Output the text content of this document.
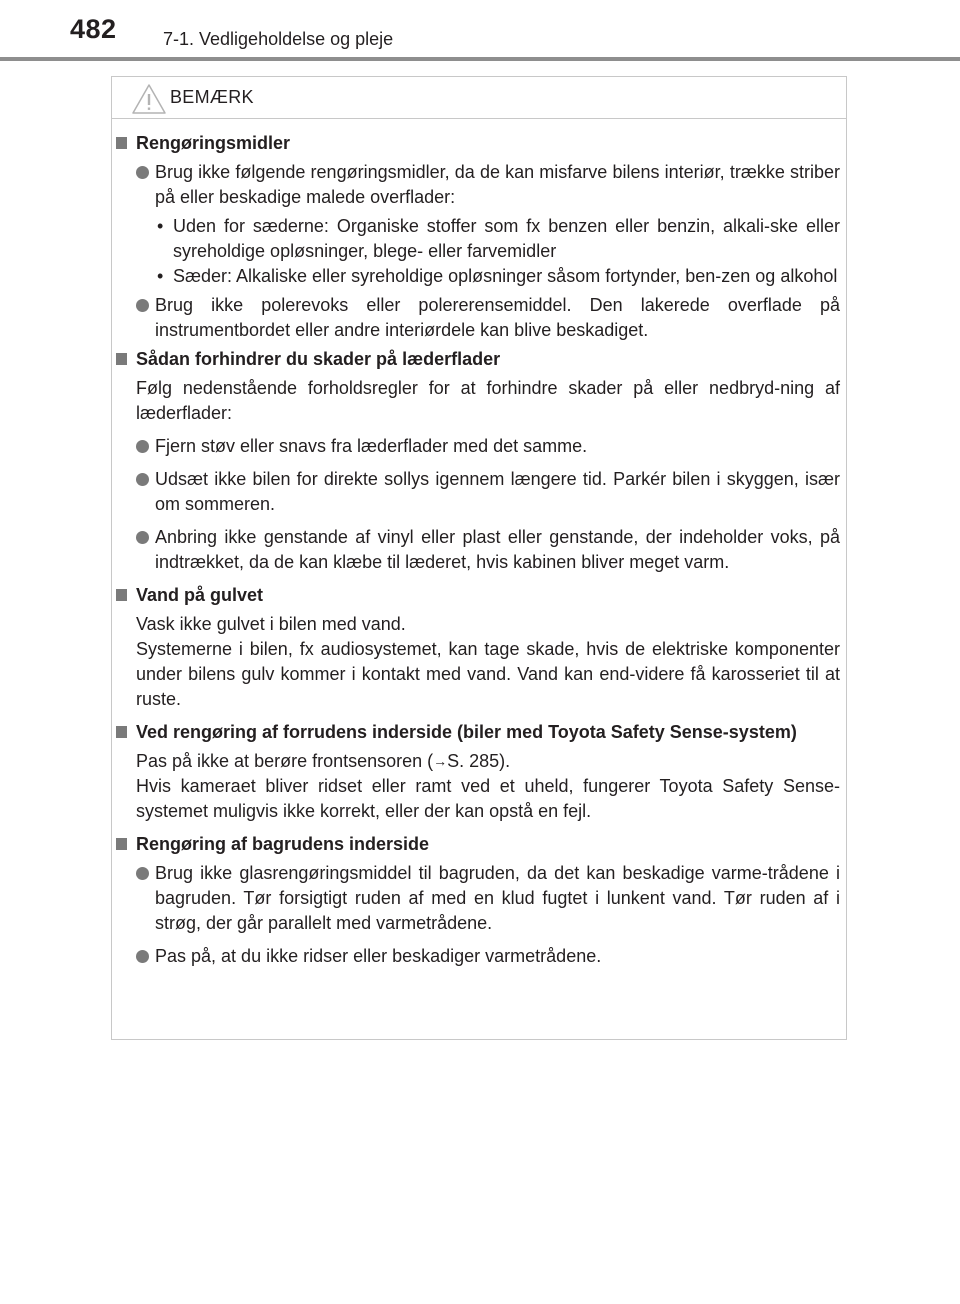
482	7-1. Vedligeholdelse og pleje
BEMÆRK

Rengøringsmidler

Brug ikke følgende rengøringsmidler, da de kan misfarve bilens interiør, trække striber på eller beskadige malede overflader:

• Uden for sæderne: Organiske stoffer som fx benzen eller benzin, alkali-ske eller syreholdige opløsninger, blege- eller farvemidler

• Sæder: Alkaliske eller syreholdige opløsninger såsom fortynder, ben-zen og alkohol

Brug ikke polerevoks eller polererensemiddel. Den lakerede overflade på instrumentbordet eller andre interiørdele kan blive beskadiget.

Sådan forhindrer du skader på læderflader

Følg nedenstående forholdsregler for at forhindre skader på eller nedbryd-ning af læderflader:

Fjern støv eller snavs fra læderflader med det samme.

Udsæt ikke bilen for direkte sollys igennem længere tid. Parkér bilen i skyggen, især om sommeren.

Anbring ikke genstande af vinyl eller plast eller genstande, der indeholder voks, på indtrækket, da de kan klæbe til læderet, hvis kabinen bliver meget varm.

Vand på gulvet

Vask ikke gulvet i bilen med vand.

Systemerne i bilen, fx audiosystemet, kan tage skade, hvis de elektriske komponenter under bilens gulv kommer i kontakt med vand. Vand kan end-videre få karosseriet til at ruste.

Ved rengøring af forrudens inderside (biler med Toyota Safety Sense-system)

Pas på ikke at berøre frontsensoren (→S. 285).

Hvis kameraet bliver ridset eller ramt ved et uheld, fungerer Toyota Safety Sense-systemet muligvis ikke korrekt, eller der kan opstå en fejl.

Rengøring af bagrudens inderside

Brug ikke glasrengøringsmiddel til bagruden, da det kan beskadige varme-trådene i bagruden. Tør forsigtigt ruden af med en klud fugtet i lunkent vand. Tør ruden af i strøg, der går parallelt med varmetrådene.

Pas på, at du ikke ridser eller beskadiger varmetrådene.
